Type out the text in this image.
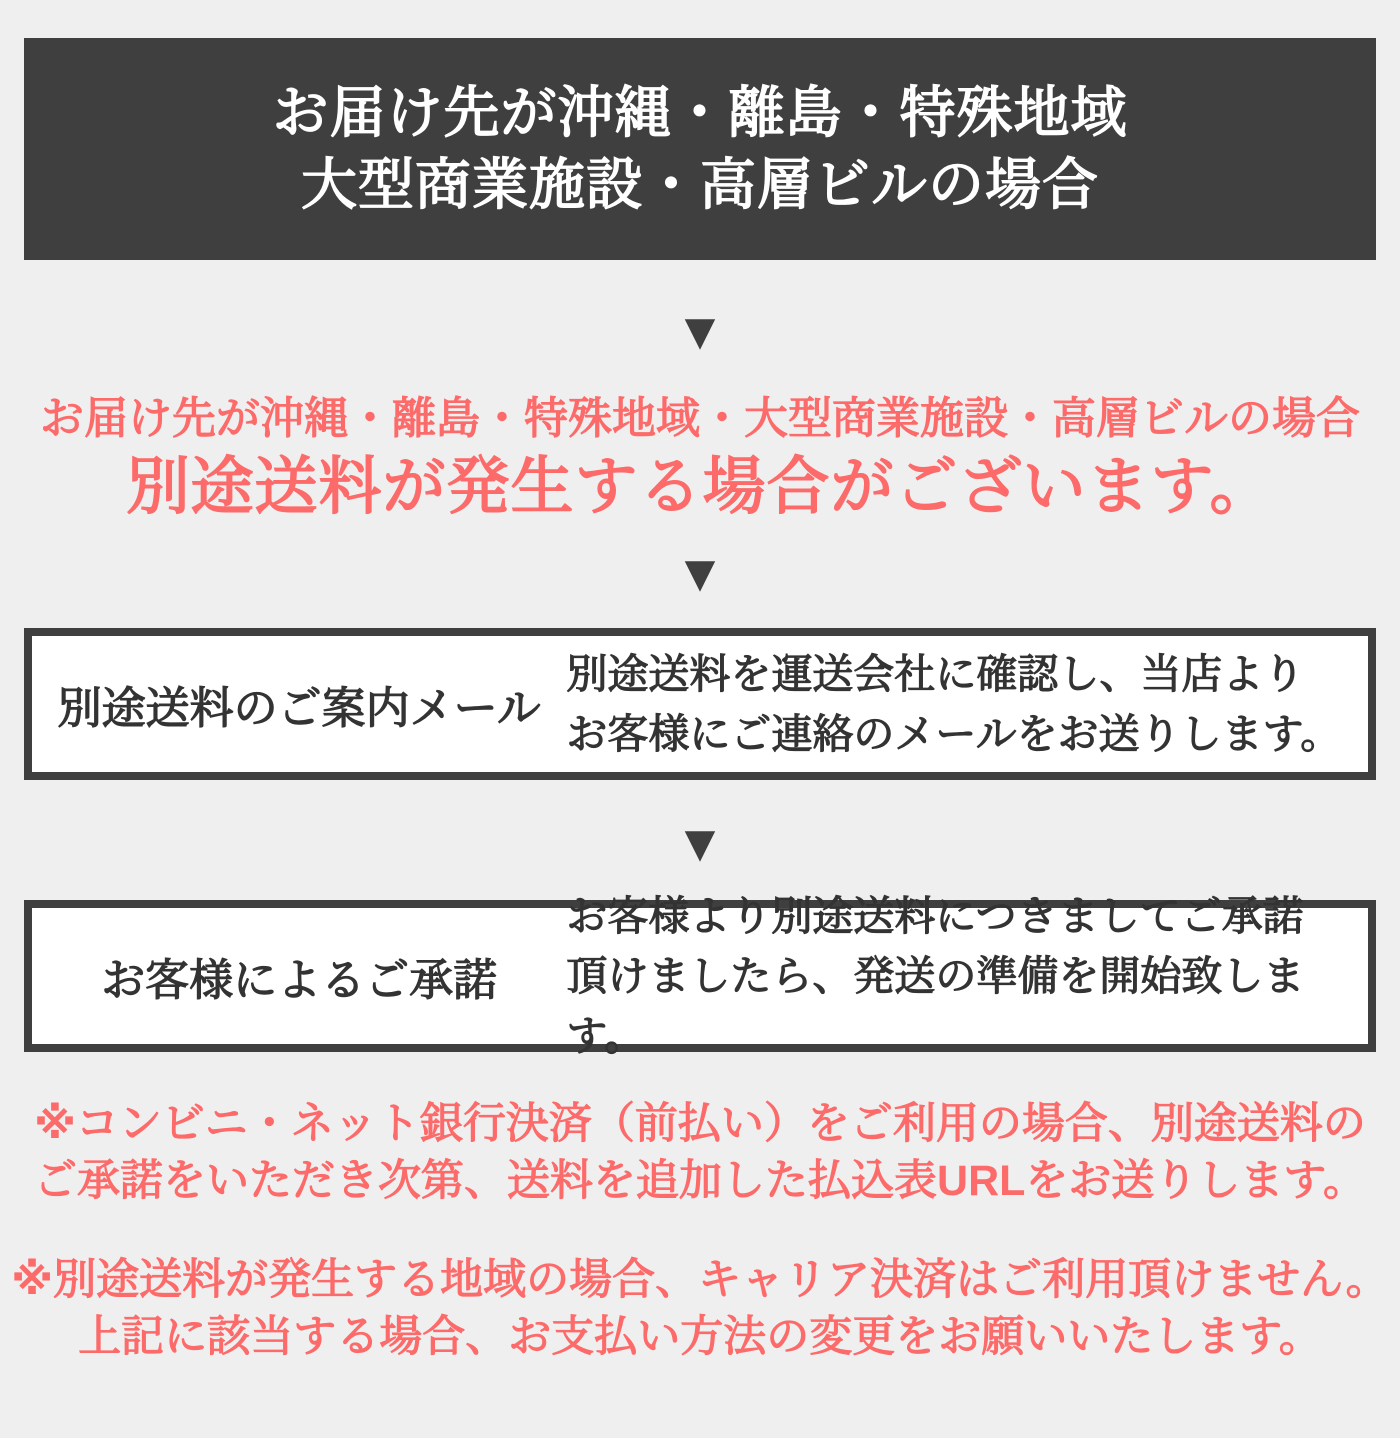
お届け先が沖縄・離島・特殊地域
大型商業施設・高層ビルの場合
▼
お届け先が沖縄・離島・特殊地域・大型商業施設・高層ビルの場合
別途送料が発生する場合がございます。
▼
別途送料のご案内メール
別途送料を運送会社に確認し、当店より
お客様にご連絡のメールをお送りします。
▼
お客様によるご承諾
お客様より別途送料につきましてご承諾
頂けましたら、発送の準備を開始致します。

※コンビニ・ネット銀行決済（前払い）をご利用の場合、別途送料の
ご承諾をいただき次第、送料を追加した払込表URLをお送りします。

※別途送料が発生する地域の場合、キャリア決済はご利用頂けません。
上記に該当する場合、お支払い方法の変更をお願いいたします。
